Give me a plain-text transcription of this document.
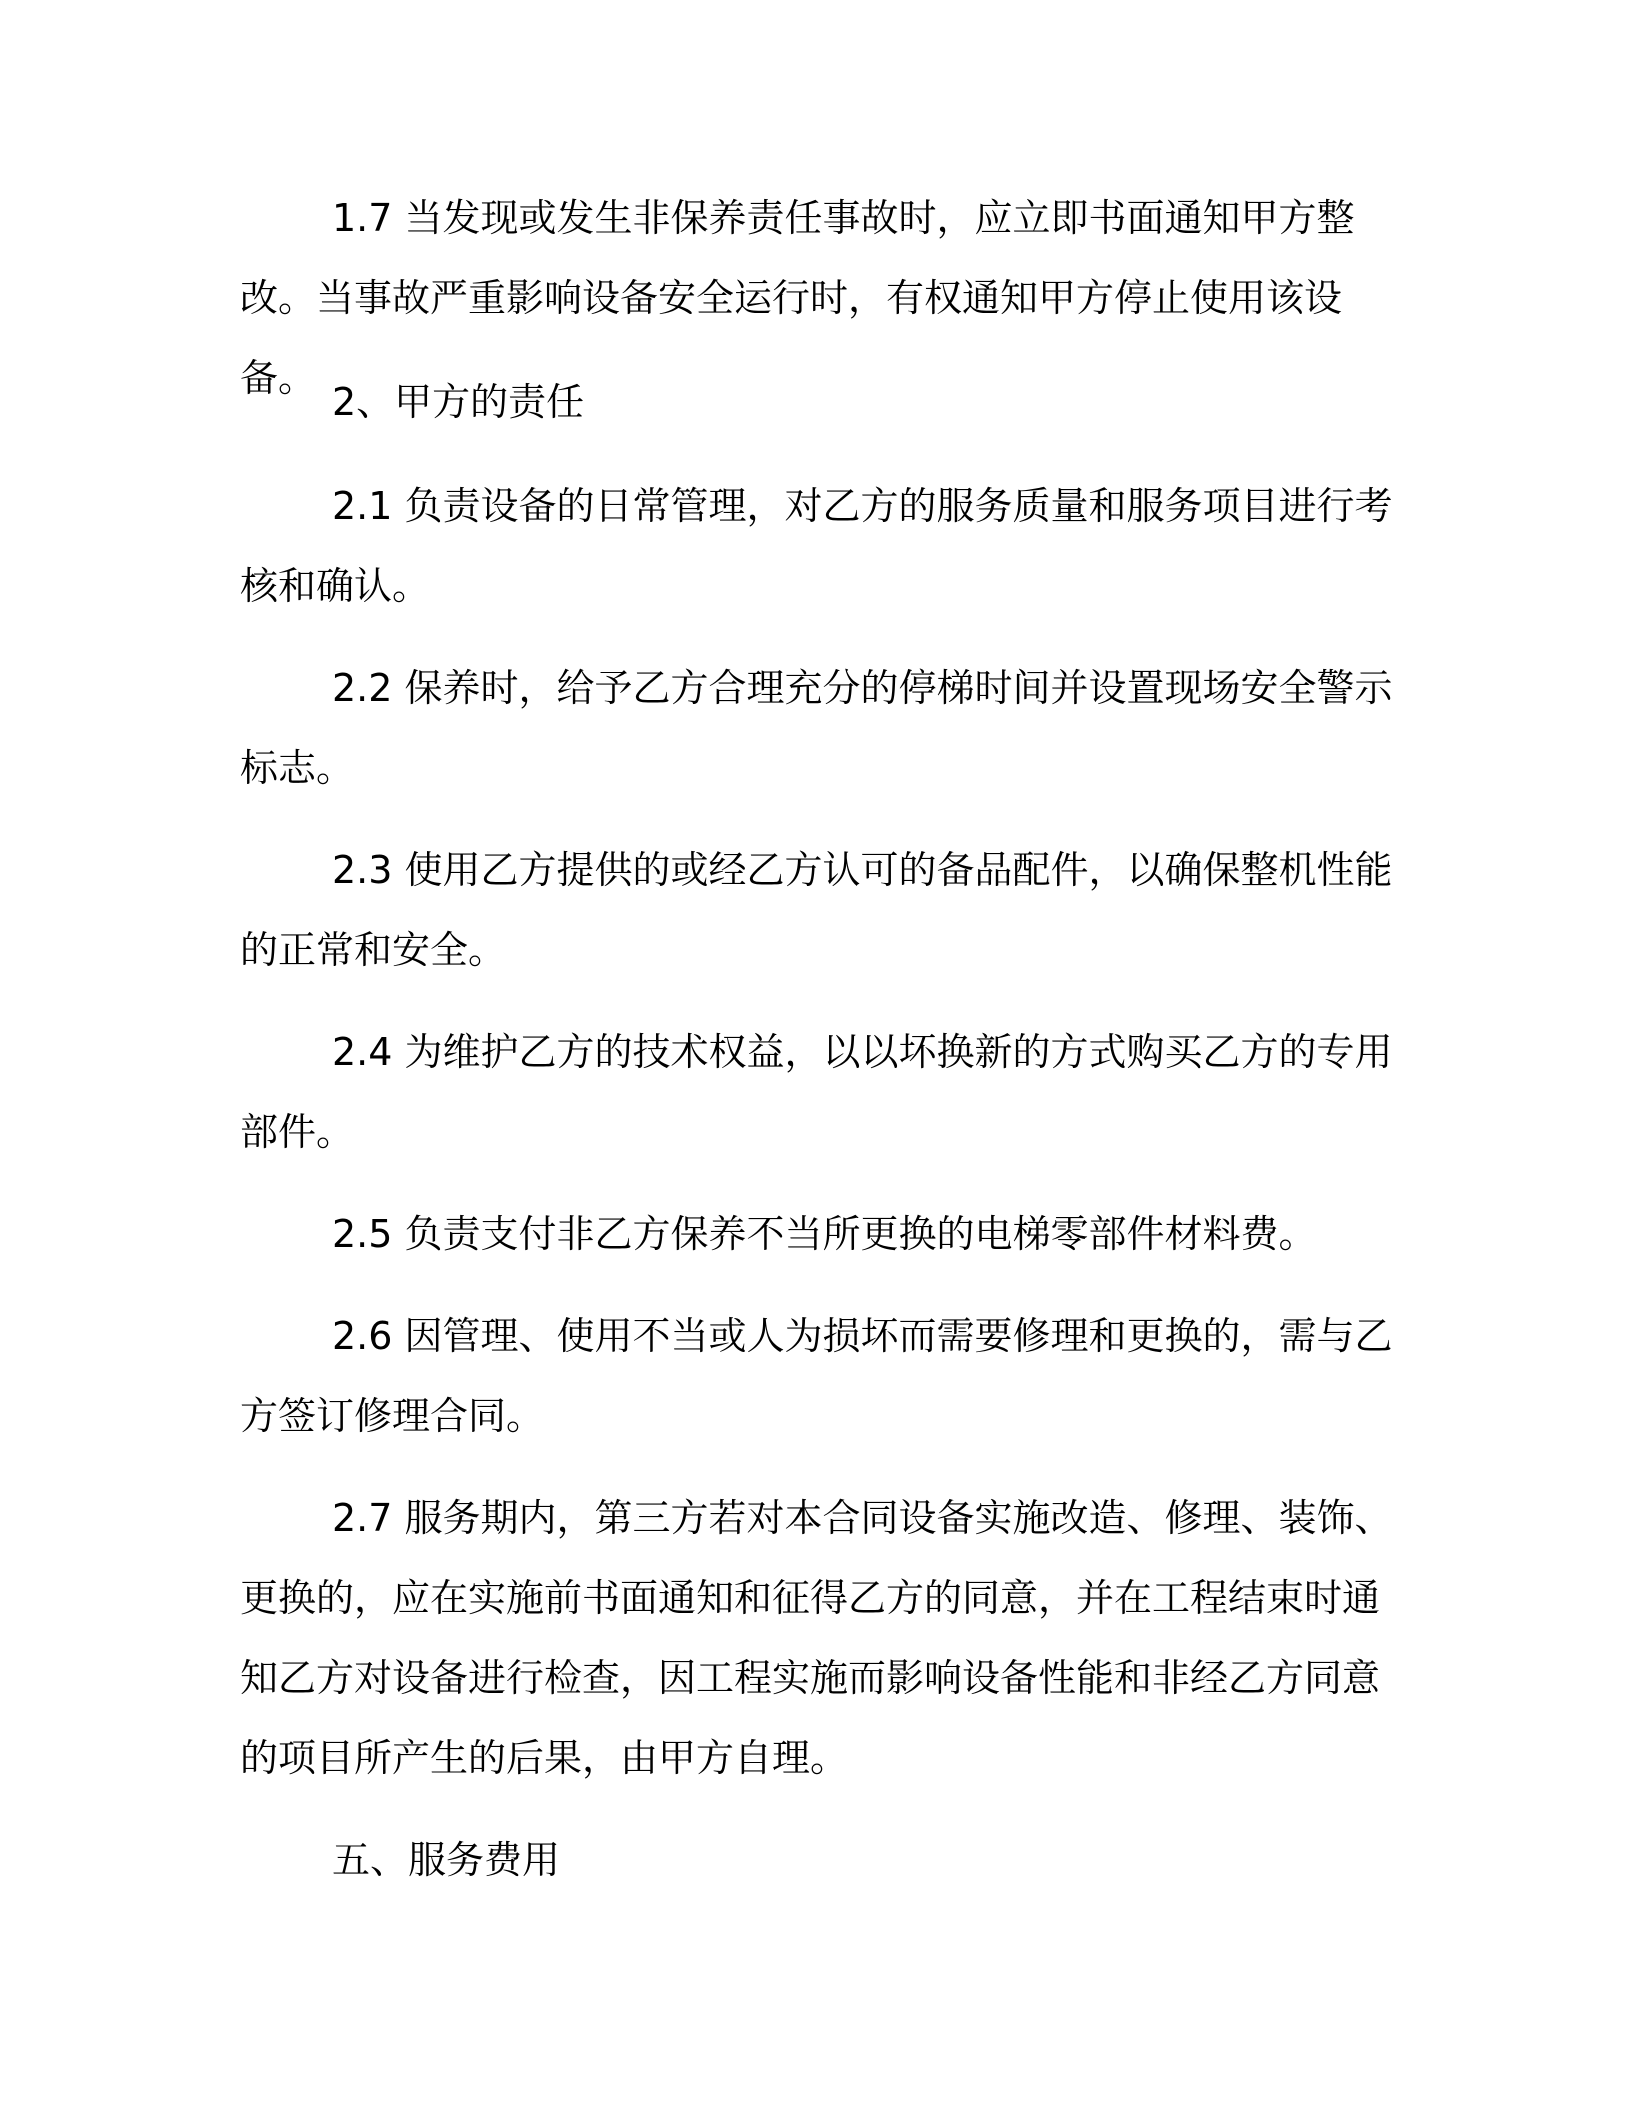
1.7 当发现或发生非保养责任事故时，应立即书面通知甲方整改。当事故严重影响设备安全运行时，有权通知甲方停止使用该设备。

2、甲方的责任

2.1 负责设备的日常管理，对乙方的服务质量和服务项目进行考核和确认。

2.2 保养时，给予乙方合理充分的停梯时间并设置现场安全警示标志。

2.3 使用乙方提供的或经乙方认可的备品配件，以确保整机性能的正常和安全。

2.4 为维护乙方的技术权益，以以坏换新的方式购买乙方的专用部件。

2.5 负责支付非乙方保养不当所更换的电梯零部件材料费。

2.6 因管理、使用不当或人为损坏而需要修理和更换的，需与乙方签订修理合同。

2.7 服务期内，第三方若对本合同设备实施改造、修理、装饰、更换的，应在实施前书面通知和征得乙方的同意，并在工程结束时通知乙方对设备进行检查，因工程实施而影响设备性能和非经乙方同意的项目所产生的后果，由甲方自理。

五、服务费用
